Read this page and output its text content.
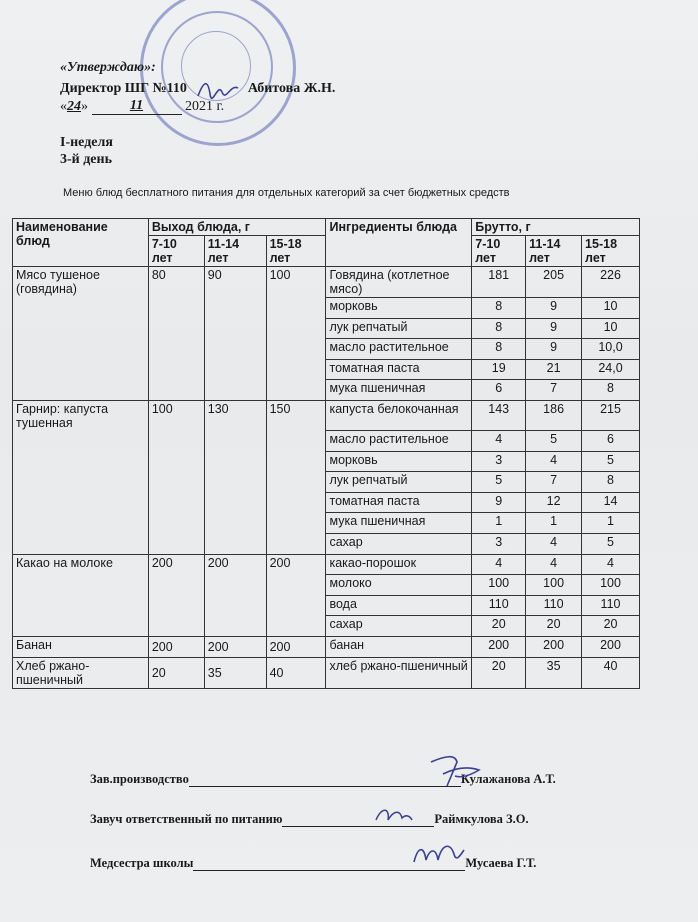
«Утверждаю»:
Директор ШГ №110	Абитова Ж.Н.
«24»	11	2021 г.
I-неделя
3-й день
Меню блюд бесплатного питания для отдельных категорий за счет бюджетных средств
Наименование блюд	Выход блюда, г			Ингредиенты блюда	Брутто, г		
	7-10 лет	11-14 лет	15-18 лет		7-10 лет	11-14 лет	15-18 лет
Мясо тушеное (говядина)	80	90	100	Говядина (котлетное мясо)	181	205	226
				морковь	8	9	10
				лук репчатый	8	9	10
				масло растительное	8	9	10,0
				томатная паста	19	21	24,0
				мука пшеничная	6	7	8
Гарнир: капуста тушенная	100	130	150	капуста белокочанная	143	186	215
				масло растительное	4	5	6
				морковь	3	4	5
				лук репчатый	5	7	8
				томатная паста	9	12	14
				мука пшеничная	1	1	1
				сахар	3	4	5
Какао на молоке	200	200	200	какао-порошок	4	4	4
				молоко	100	100	100
				вода	110	110	110
				сахар	20	20	20
Банан	200	200	200	банан	200	200	200
Хлеб ржано-пшеничный	20	35	40	хлеб ржано-пшеничный	20	35	40
Зав.производство	Кулажанова А.Т.
Завуч ответственный по питанию	Раймкулова З.О.
Медсестра школы	Мусаева Г.Т.
